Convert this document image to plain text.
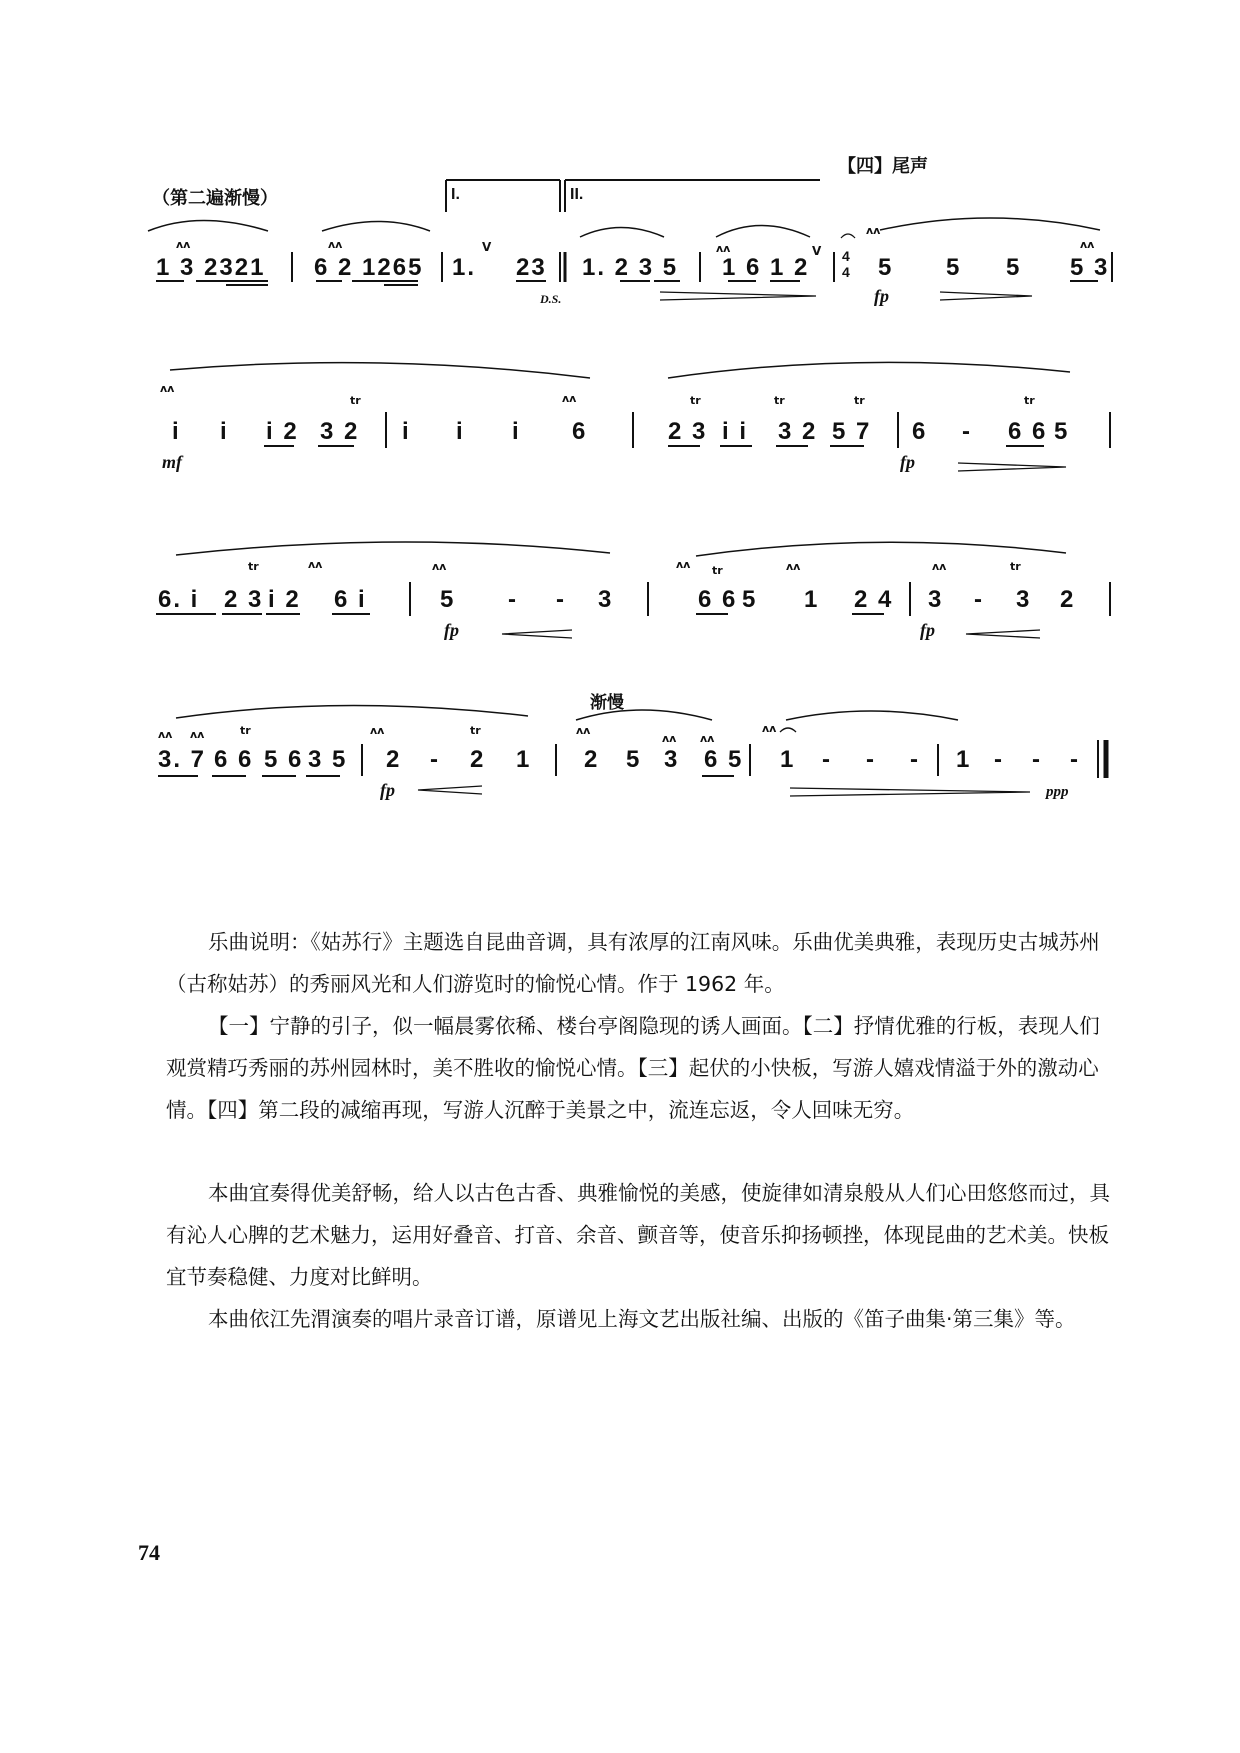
【四】尾声
（第二遍渐慢）	I.	II.
ᴧᴧ	ᴧᴧ	ᴧᴧ
ᴧᴧ
ᴧᴧ
ᴧᴧ
tr	ᴧᴧ	tr	tr	tr	tr
tr	ᴧᴧ	ᴧᴧ	ᴧᴧ tr	ᴧᴧ	ᴧᴧ	tr
ᴧᴧ ᴧᴧ	tr	ᴧᴧ	tr	ᴧᴧ
ᴧᴧ ᴧᴧ
ᴧᴧ
1 3 2321 6 2 1265 1.
ᐯ
23
D.S.
1. 2 3 5 1 6 1 2
ᐯ 4
4 5 5 5 5 3
fp
i i i 2 3 2 i i i 6	2 3 i i 3 2 5 7 6 - 6 6 5
mf	fp
6. i 2 3 i 2 6 i	5 - - 3	6 6 5 1 2 4 3 - 3 2
fp	fp
渐慢
3. 7 6 6 5 6 3 5 2 - 2 1 2 5 3 6 5 1 - - - 1 - - -
fp	ppp

乐曲说明：《姑苏行》主题选自昆曲音调，具有浓厚的江南风味。乐曲优美典雅，表现历史古城苏州（古称姑苏）的秀丽风光和人们游览时的愉悦心情。作于 1962 年。

【一】宁静的引子，似一幅晨雾依稀、楼台亭阁隐现的诱人画面。【二】抒情优雅的行板，表现人们观赏精巧秀丽的苏州园林时，美不胜收的愉悦心情。【三】起伏的小快板，写游人嬉戏情溢于外的激动心情。【四】第二段的减缩再现，写游人沉醉于美景之中，流连忘返，令人回味无穷。

本曲宜奏得优美舒畅，给人以古色古香、典雅愉悦的美感，使旋律如清泉般从人们心田悠悠而过，具有沁人心脾的艺术魅力，运用好叠音、打音、余音、颤音等，使音乐抑扬顿挫，体现昆曲的艺术美。快板宜节奏稳健、力度对比鲜明。

本曲依江先渭演奏的唱片录音订谱，原谱见上海文艺出版社编、出版的《笛子曲集·第三集》等。

74
